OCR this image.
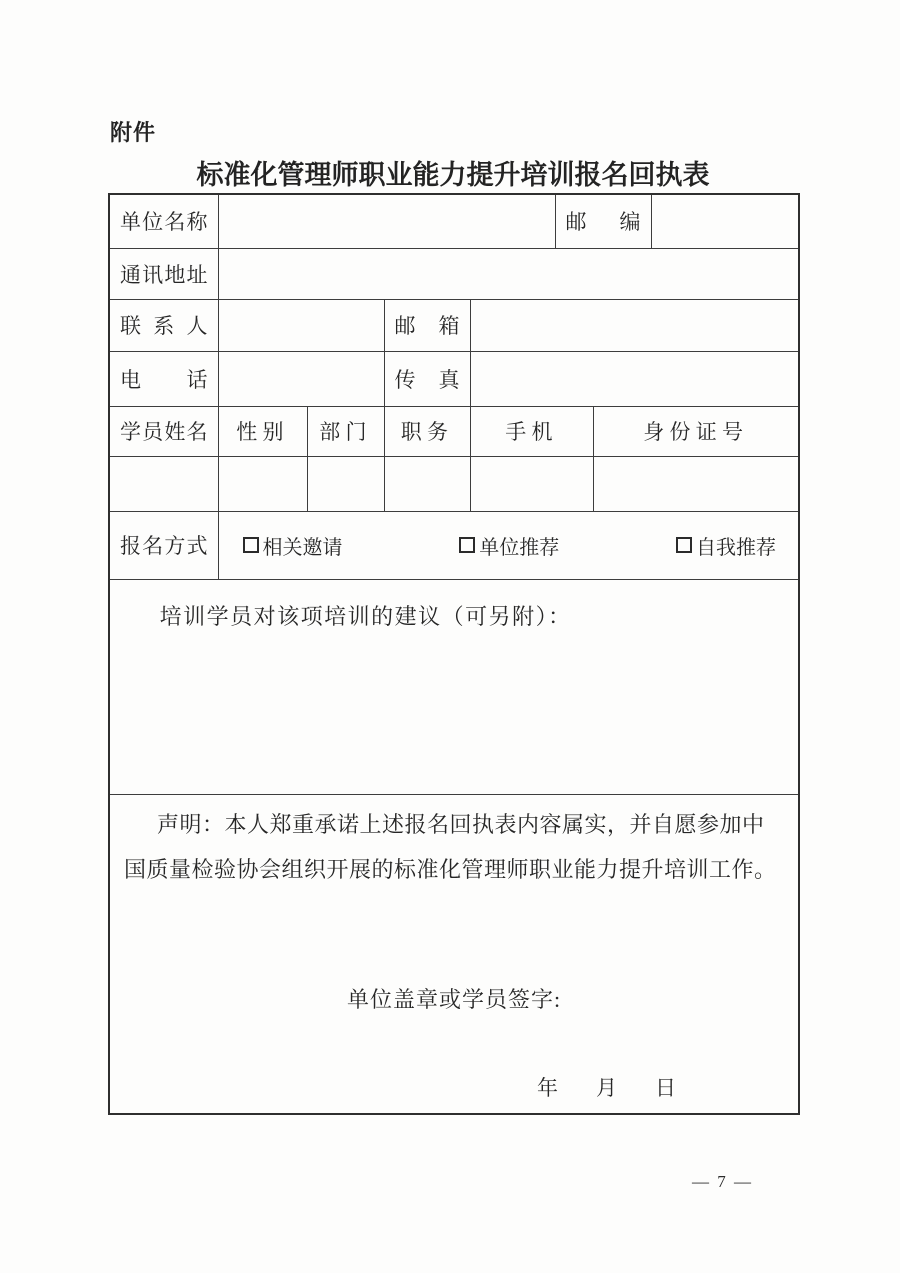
附件
标准化管理师职业能力提升培训报名回执表
单位名称					邮编		
通讯地址							
联系人			邮箱				
电话			传真				
学员姓名	性别	部门	职务	手机		身份证号	

报名方式	相关邀请 单位推荐 自我推荐						

培训学员对该项培训的建议（可另附）：							

声明：本人郑重承诺上述报名回执表内容属实，并自愿参加中国质量检验协会组织开展的标准化管理师职业能力提升培训工作。

单位盖章或学员签字:
年 月 日							
— 7 —
